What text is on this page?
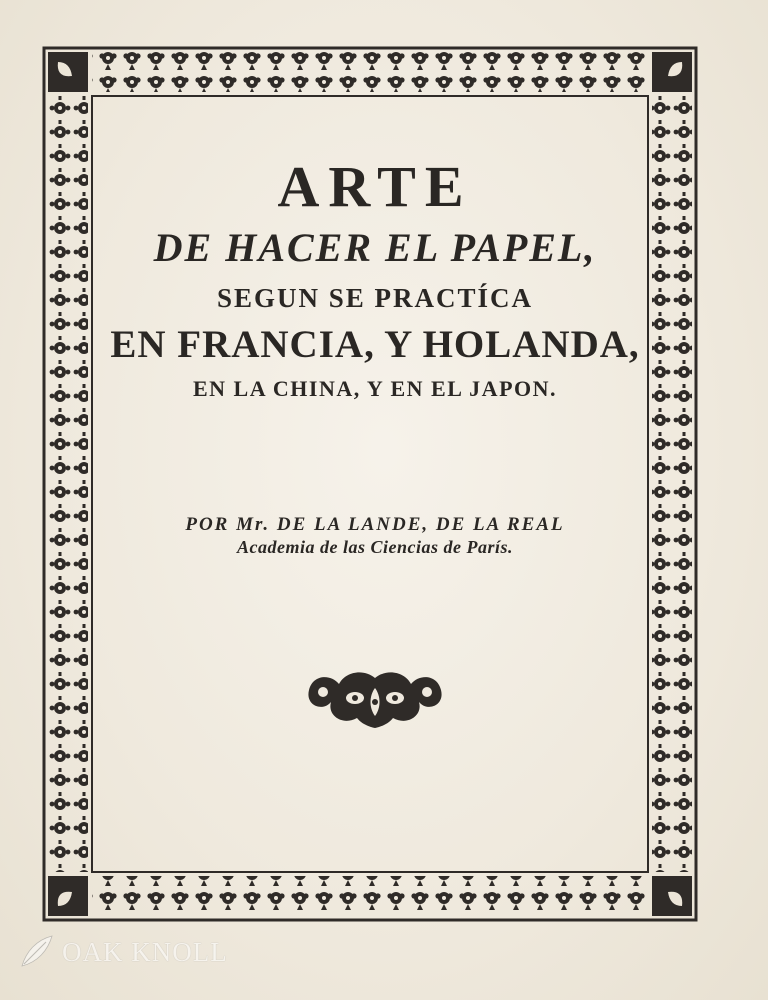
ARTE
DE HACER EL PAPEL,
SEGUN SE PRACTÍCA
EN FRANCIA, Y HOLANDA,
EN LA CHINA, Y EN EL JAPON.
POR Mr. DE LA LANDE, DE LA REAL
Academia de las Ciencias de París.
OAK KNOLL
